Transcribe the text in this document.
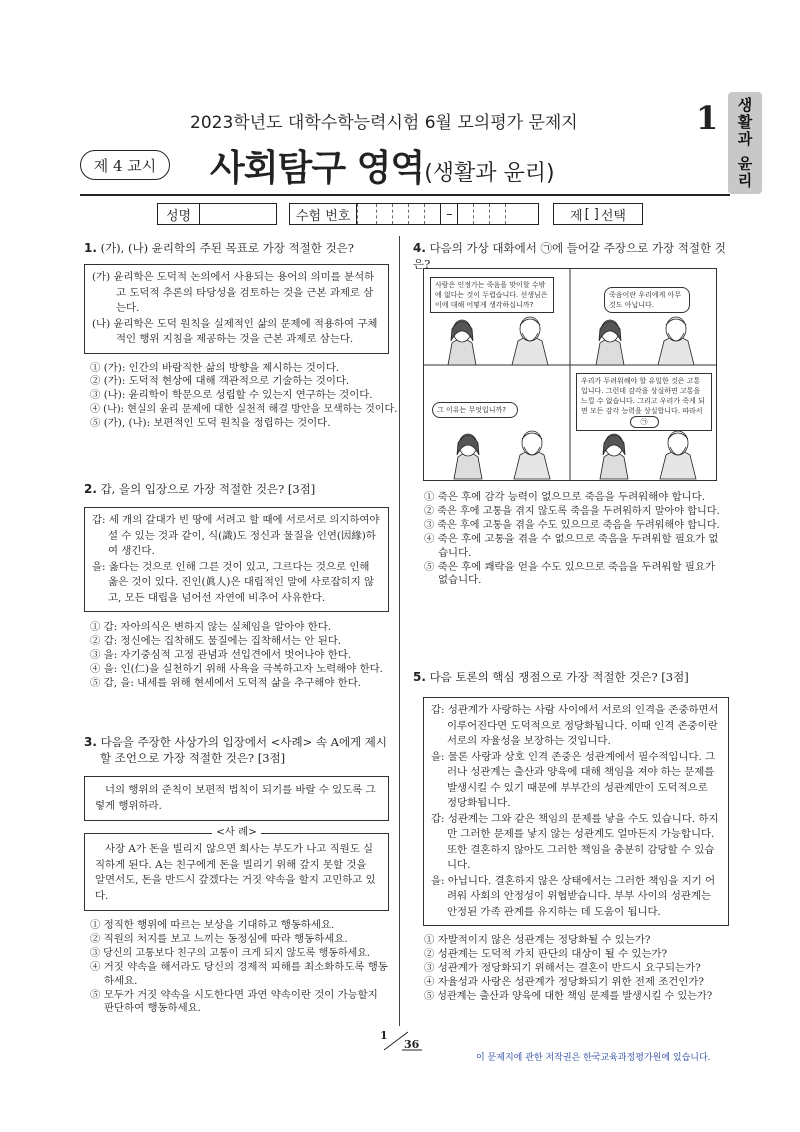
생활과 윤리
2023학년도 대학수학능력시험 6월 모의평가 문제지	1
제 4 교시	사회탐구 영역(생활과 윤리)
성명	수험 번호	–	제 [ ] 선택
1. (가), (나) 윤리학의 주된 목표로 가장 적절한 것은?
(가) 윤리학은 도덕적 논의에서 사용되는 용어의 의미를 분석하고 도덕적 추론의 타당성을 검토하는 것을 근본 과제로 삼는다.
(나) 윤리학은 도덕 원칙을 실제적인 삶의 문제에 적용하여 구체적인 행위 지침을 제공하는 것을 근본 과제로 삼는다.
① (가): 인간의 바람직한 삶의 방향을 제시하는 것이다.
② (가): 도덕적 현상에 대해 객관적으로 기술하는 것이다.
③ (나): 윤리학이 학문으로 성립할 수 있는지 연구하는 것이다.
④ (나): 현실의 윤리 문제에 대한 실천적 해결 방안을 모색하는 것이다.
⑤ (가), (나): 보편적인 도덕 원칙을 정립하는 것이다.
2. 갑, 을의 입장으로 가장 적절한 것은? [3점]
갑: 세 개의 갈대가 빈 땅에 서려고 할 때에 서로서로 의지하여야 설 수 있는 것과 같이, 식(識)도 정신과 물질을 인연(因緣)하여 생긴다.
을: 옳다는 것으로 인해 그른 것이 있고, 그르다는 것으로 인해 옳은 것이 있다. 진인(眞人)은 대립적인 말에 사로잡히지 않고, 모든 대립을 넘어선 자연에 비추어 사유한다.
① 갑: 자아의식은 변하지 않는 실체임을 알아야 한다.
② 갑: 정신에는 집착해도 물질에는 집착해서는 안 된다.
③ 을: 자기중심적 고정 관념과 선입견에서 벗어나야 한다.
④ 을: 인(仁)을 실천하기 위해 사욕을 극복하고자 노력해야 한다.
⑤ 갑, 을: 내세를 위해 현세에서 도덕적 삶을 추구해야 한다.
3. 다음을 주장한 사상가의 입장에서 <사례> 속 A에게 제시할 조언으로 가장 적절한 것은? [3점]
너의 행위의 준칙이 보편적 법칙이 되기를 바랄 수 있도록 그렇게 행위하라.
<사 례>
사장 A가 돈을 빌리지 않으면 회사는 부도가 나고 직원도 실직하게 된다. A는 친구에게 돈을 빌리기 위해 갚지 못할 것을 알면서도, 돈을 반드시 갚겠다는 거짓 약속을 할지 고민하고 있다.
① 정직한 행위에 따르는 보상을 기대하고 행동하세요.
② 직원의 처지를 보고 느끼는 동정심에 따라 행동하세요.
③ 당신의 고통보다 친구의 고통이 크게 되지 않도록 행동하세요.
④ 거짓 약속을 해서라도 당신의 경제적 피해를 최소화하도록 행동하세요.
⑤ 모두가 거짓 약속을 시도한다면 과연 약속이란 것이 가능할지 판단하여 행동하세요.
4. 다음의 가상 대화에서 ㉠에 들어갈 주장으로 가장 적절한 것은?
사람은 인정가는 죽음을 맞이할 수밖에 없다는 것이 두렵습니다. 선생님은 이에 대해 어떻게 생각하십니까?
죽음이란 우리에게 아무것도 아닙니다.
그 이유는 무엇입니까?
우리가 두려워해야 할 유일한 것은 고통입니다. 그런데 감각을 상실하면 고통을 느낄 수 없습니다. 그리고 우리가 죽게 되면 모든 감각 능력을 상실합니다. 따라서
㉠
① 죽은 후에 감각 능력이 없으므로 죽음을 두려워해야 합니다.
② 죽은 후에 고통을 겪지 않도록 죽음을 두려워하지 말아야 합니다.
③ 죽은 후에 고통을 겪을 수도 있으므로 죽음을 두려워해야 합니다.
④ 죽은 후에 고통을 겪을 수 없으므로 죽음을 두려워할 필요가 없습니다.
⑤ 죽은 후에 쾌락을 얻을 수도 있으므로 죽음을 두려워할 필요가 없습니다.
5. 다음 토론의 핵심 쟁점으로 가장 적절한 것은? [3점]
갑: 성관계가 사랑하는 사람 사이에서 서로의 인격을 존중하면서 이루어진다면 도덕적으로 정당화됩니다. 이때 인격 존중이란 서로의 자율성을 보장하는 것입니다.
을: 물론 사랑과 상호 인격 존중은 성관계에서 필수적입니다. 그러나 성관계는 출산과 양육에 대해 책임을 져야 하는 문제를 발생시킬 수 있기 때문에 부부간의 성관계만이 도덕적으로 정당화됩니다.
갑: 성관계는 그와 같은 책임의 문제를 낳을 수도 있습니다. 하지만 그러한 문제를 낳지 않는 성관계도 얼마든지 가능합니다. 또한 결혼하지 않아도 그러한 책임을 충분히 감당할 수 있습니다.
을: 아닙니다. 결혼하지 않은 상태에서는 그러한 책임을 지기 어려워 사회의 안정성이 위협받습니다. 부부 사이의 성관계는 안정된 가족 관계를 유지하는 데 도움이 됩니다.
① 자발적이지 않은 성관계는 정당화될 수 있는가?
② 성관계는 도덕적 가치 판단의 대상이 될 수 있는가?
③ 성관계가 정당화되기 위해서는 결혼이 반드시 요구되는가?
④ 자율성과 사랑은 성관계가 정당화되기 위한 전제 조건인가?
⑤ 성관계는 출산과 양육에 대한 책임 문제를 발생시킬 수 있는가?
1
36
이 문제지에 관한 저작권은 한국교육과정평가원에 있습니다.
